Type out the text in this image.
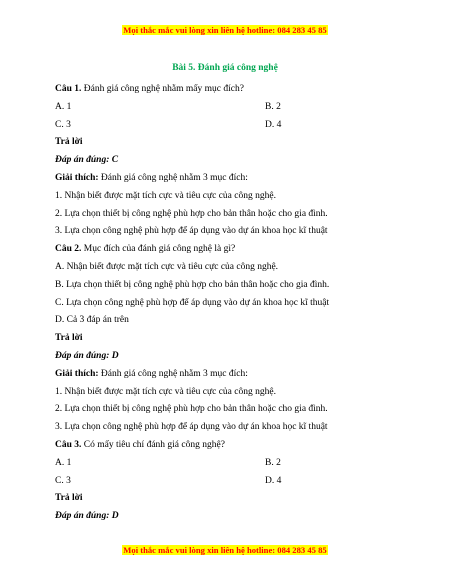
Mọi thắc mắc vui lòng xin liên hệ hotline: 084 283 45 85
Bài 5. Đánh giá công nghệ
Câu 1. Đánh giá công nghệ nhằm mấy mục đích?
A. 1	B. 2
C. 3	D. 4
Trả lời
Đáp án đúng: C
Giải thích: Đánh giá công nghệ nhằm 3 mục đích:
1. Nhận biết được mặt tích cực và tiêu cực của công nghệ.
2. Lựa chọn thiết bị công nghệ phù hợp cho bản thân hoặc cho gia đình.
3. Lựa chọn công nghệ phù hợp để áp dụng vào dự án khoa học kĩ thuật
Câu 2. Mục đích của đánh giá công nghệ là gì?
A. Nhận biết được mặt tích cực và tiêu cực của công nghệ.
B. Lựa chọn thiết bị công nghệ phù hợp cho bản thân hoặc cho gia đình.
C. Lựa chọn công nghệ phù hợp để áp dụng vào dự án khoa học kĩ thuật
D. Cả 3 đáp án trên
Trả lời
Đáp án đúng: D
Giải thích: Đánh giá công nghệ nhằm 3 mục đích:
1. Nhận biết được mặt tích cực và tiêu cực của công nghệ.
2. Lựa chọn thiết bị công nghệ phù hợp cho bản thân hoặc cho gia đình.
3. Lựa chọn công nghệ phù hợp để áp dụng vào dự án khoa học kĩ thuật
Câu 3. Có mấy tiêu chí đánh giá công nghệ?
A. 1	B. 2
C. 3	D. 4
Trả lời
Đáp án đúng: D
Mọi thắc mắc vui lòng xin liên hệ hotline: 084 283 45 85
